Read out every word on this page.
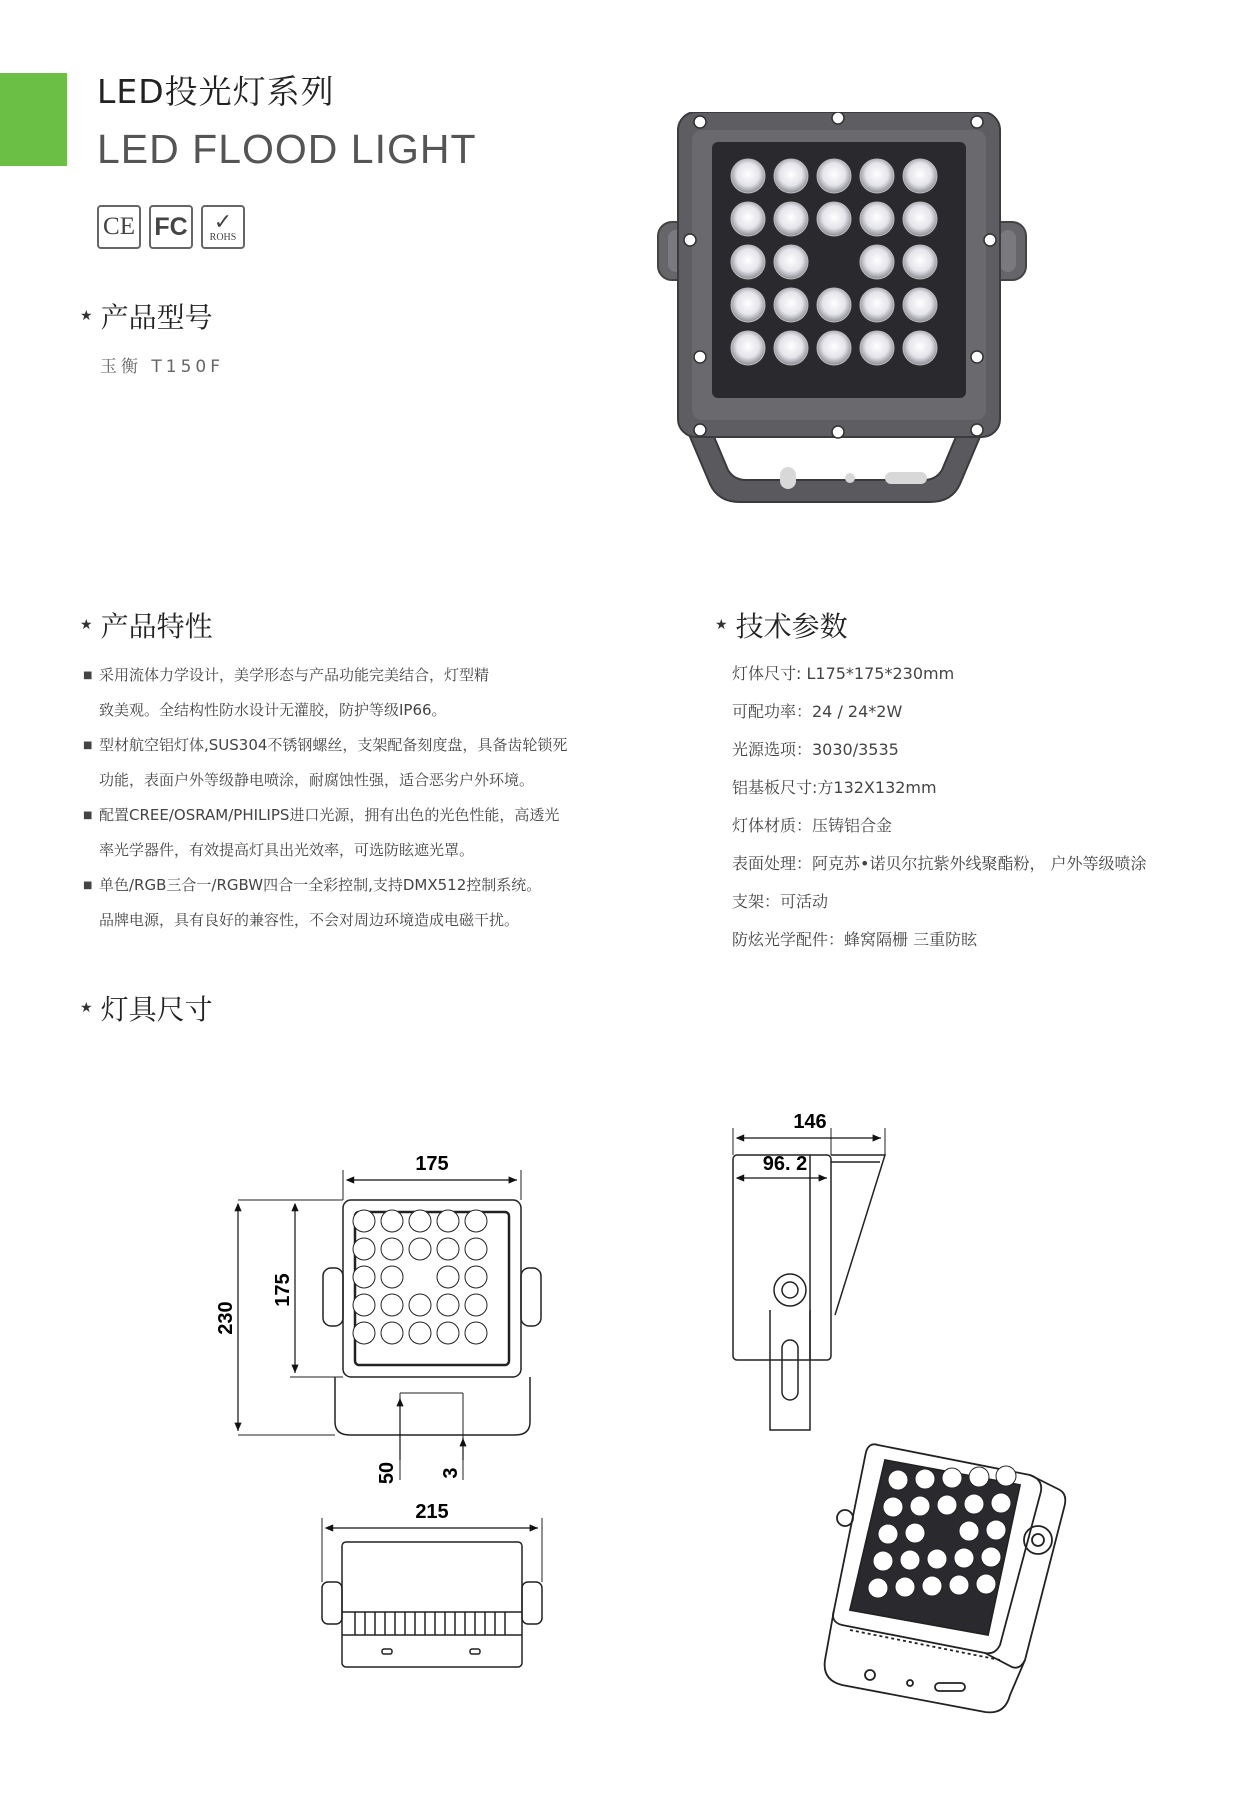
LED投光灯系列
LED FLOOD LIGHT
CE FC ✓
ROHS
★ 产品型号
玉衡 T150F
★ 产品特性
■ 采用流体力学设计，美学形态与产品功能完美结合，灯型精
致美观。全结构性防水设计无灌胶，防护等级IP66。
■ 型材航空铝灯体,SUS304不锈钢螺丝，支架配备刻度盘，具备齿轮锁死
功能，表面户外等级静电喷涂，耐腐蚀性强，适合恶劣户外环境。
■ 配置CREE/OSRAM/PHILIPS进口光源，拥有出色的光色性能，高透光
率光学器件，有效提高灯具出光效率，可选防眩遮光罩。
■ 单色/RGB三合一/RGBW四合一全彩控制,支持DMX512控制系统。
品牌电源，具有良好的兼容性，不会对周边环境造成电磁干扰。
★ 技术参数
灯体尺寸: L175*175*230mm
可配功率：24 / 24*2W
光源选项：3030/3535
铝基板尺寸:方132X132mm
灯体材质：压铸铝合金
表面处理：阿克苏•诺贝尔抗紫外线聚酯粉， 户外等级喷涂
支架：可活动
防炫光学配件：蜂窝隔栅 三重防眩
★ 灯具尺寸
175
230
175
50 3
215
146
96. 2
